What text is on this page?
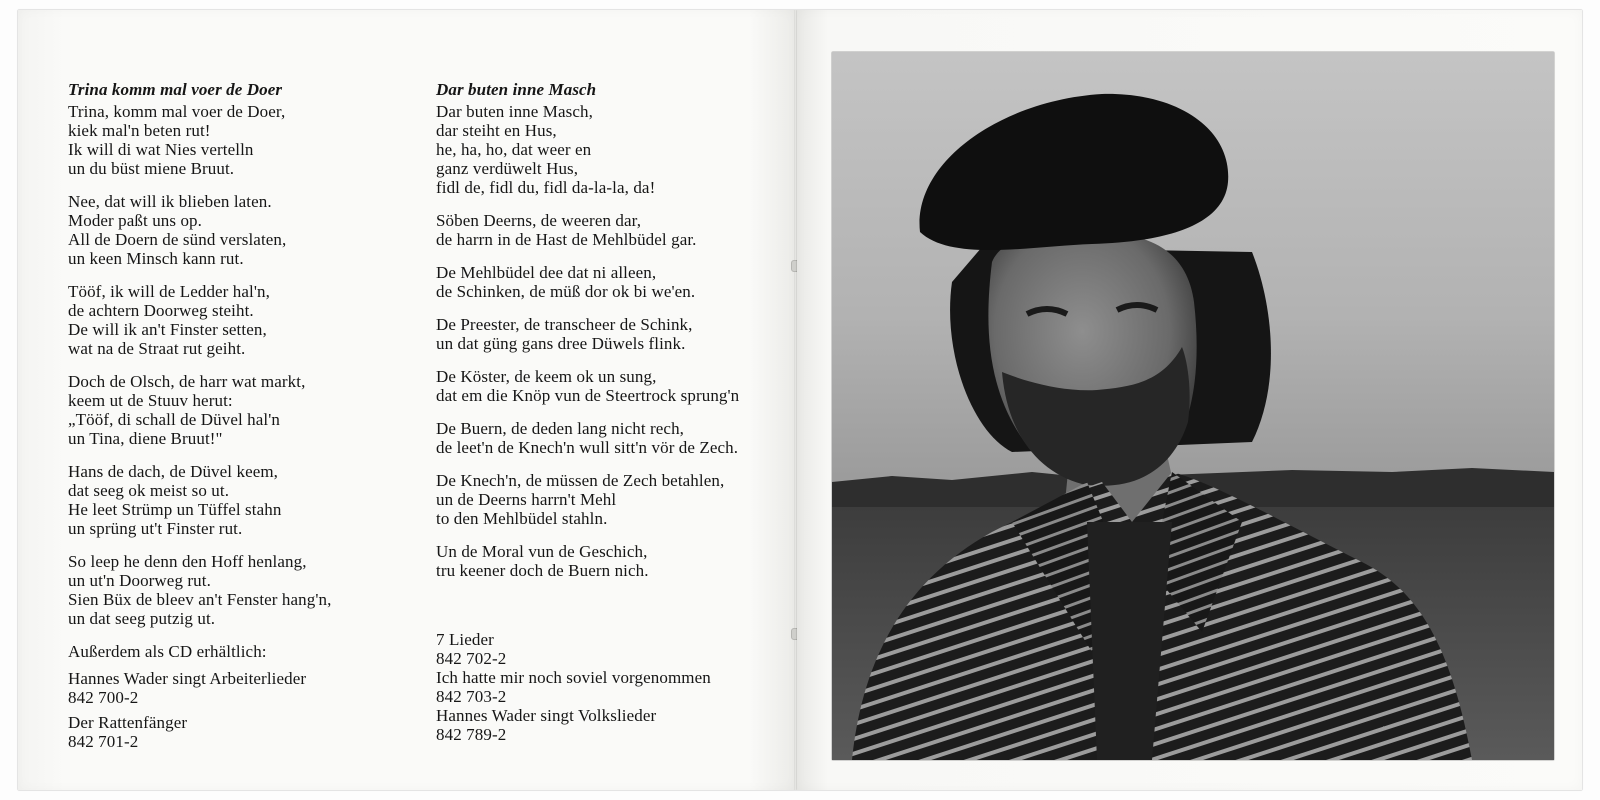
Trina komm mal voer de Doer
Trina, komm mal voer de Doer,
kiek mal'n beten rut!
Ik will di wat Nies vertelln
un du büst miene Bruut.
Nee, dat will ik blieben laten.
Moder paßt uns op.
All de Doern de sünd verslaten,
un keen Minsch kann rut.
Tööf, ik will de Ledder hal'n,
de achtern Doorweg steiht.
De will ik an't Finster setten,
wat na de Straat rut geiht.
Doch de Olsch, de harr wat markt,
keem ut de Stuuv herut:
„Tööf, di schall de Düvel hal'n
un Tina, diene Bruut!"
Hans de dach, de Düvel keem,
dat seeg ok meist so ut.
He leet Strümp un Tüffel stahn
un sprüng ut't Finster rut.
So leep he denn den Hoff henlang,
un ut'n Doorweg rut.
Sien Büx de bleev an't Fenster hang'n,
un dat seeg putzig ut.
Außerdem als CD erhältlich:
Hannes Wader singt Arbeiterlieder
842 700-2
Der Rattenfänger
842 701-2
Dar buten inne Masch
Dar buten inne Masch,
dar steiht en Hus,
he, ha, ho, dat weer en
ganz verdüwelt Hus,
fidl de, fidl du, fidl da-la-la, da!
Söben Deerns, de weeren dar,
de harrn in de Hast de Mehlbüdel gar.
De Mehlbüdel dee dat ni alleen,
de Schinken, de müß dor ok bi we'en.
De Preester, de transcheer de Schink,
un dat güng gans dree Düwels flink.
De Köster, de keem ok un sung,
dat em die Knöp vun de Steertrock sprung'n
De Buern, de deden lang nicht rech,
de leet'n de Knech'n wull sitt'n vör de Zech.
De Knech'n, de müssen de Zech betahlen,
un de Deerns harrn't Mehl
to den Mehlbüdel stahln.
Un de Moral vun de Geschich,
tru keener doch de Buern nich.
7 Lieder
842 702-2
Ich hatte mir noch soviel vorgenommen
842 703-2
Hannes Wader singt Volkslieder
842 789-2
